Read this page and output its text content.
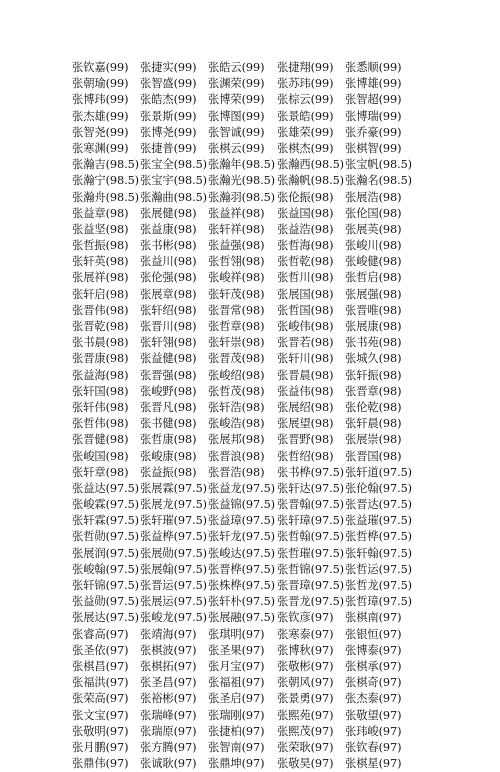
张钦嘉(99) 张捷实(99) 张皓云(99) 张捷翔(99) 张悉顺(99)
张朝瑜(99) 张智盛(99) 张渊荣(99) 张苏玮(99) 张博雄(99)
张博玮(99) 张皓杰(99) 张博荣(99) 张棕云(99) 张智超(99)
张杰雄(99) 张景斯(99) 张博图(99) 张景皓(99) 张博瑞(99)
张智尧(99) 张博尧(99) 张智诚(99) 张雄荣(99) 张乔豪(99)
张寒渊(99) 张捷普(99) 张棋云(99) 张棋杰(99) 张棋智(99)
张瀚吉(98.5) 张宝全(98.5) 张瀚年(98.5) 张瀚西(98.5) 张宝帆(98.5)
张瀚宁(98.5) 张宝宇(98.5) 张瀚光(98.5) 张瀚帆(98.5) 张瀚名(98.5)
张瀚舟(98.5) 张瀚曲(98.5) 张瀚羽(98.5) 张伦振(98) 张展浩(98)
张益章(98) 张展健(98) 张益祥(98) 张益国(98) 张伦国(98)
张益坚(98) 张益康(98) 张轩祥(98) 张益浩(98) 张展英(98)
张哲振(98) 张书彬(98) 张益强(98) 张哲海(98) 张峻川(98)
张轩英(98) 张益川(98) 张哲翎(98) 张哲乾(98) 张峻健(98)
张展祥(98) 张伦强(98) 张峻祥(98) 张哲川(98) 张哲启(98)
张轩启(98) 张展章(98) 张轩茂(98) 张展国(98) 张展强(98)
张晋伟(98) 张轩绍(98) 张晋常(98) 张哲国(98) 张晋唯(98)
张晋乾(98) 张晋川(98) 张哲章(98) 张峻伟(98) 张展康(98)
张书晨(98) 张轩翎(98) 张轩崇(98) 张晋若(98) 张书苑(98)
张晋康(98) 张益健(98) 张晋茂(98) 张轩川(98) 张城久(98)
张益海(98) 张晋强(98) 张峻绍(98) 张晋晨(98) 张轩振(98)
张轩国(98) 张峻野(98) 张哲茂(98) 张益伟(98) 张晋章(98)
张轩伟(98) 张晋凡(98) 张轩浩(98) 张展绍(98) 张伦乾(98)
张哲伟(98) 张书健(98) 张峻浩(98) 张展望(98) 张轩晨(98)
张晋健(98) 张哲康(98) 张展邦(98) 张晋野(98) 张展崇(98)
张峻国(98) 张峻康(98) 张晋浪(98) 张哲绍(98) 张晋国(98)
张轩章(98) 张益振(98) 张晋浩(98) 张书桦(97.5) 张轩道(97.5)
张益达(97.5) 张展霖(97.5) 张益龙(97.5) 张轩达(97.5) 张伦翰(97.5)
张峻霖(97.5) 张展龙(97.5) 张益锦(97.5) 张晋翰(97.5) 张晋达(97.5)
张轩霖(97.5) 张轩璀(97.5) 张益璋(97.5) 张轩璋(97.5) 张益璀(97.5)
张哲勋(97.5) 张益桦(97.5) 张轩龙(97.5) 张哲翰(97.5) 张哲桦(97.5)
张展润(97.5) 张展勋(97.5) 张峻达(97.5) 张哲璀(97.5) 张轩翰(97.5)
张峻翰(97.5) 张展翰(97.5) 张晋桦(97.5) 张哲锦(97.5) 张哲运(97.5)
张轩锦(97.5) 张晋运(97.5) 张株桦(97.5) 张晋璋(97.5) 张哲龙(97.5)
张益勋(97.5) 张展运(97.5) 张轩朴(97.5) 张晋龙(97.5) 张哲璋(97.5)
张展达(97.5) 张峻龙(97.5) 张展融(97.5) 张钦彦(97) 张棋南(97)
张睿高(97) 张靖海(97) 张琪明(97) 张寒泰(97) 张银恒(97)
张圣依(97) 张棋波(97) 张圣果(97) 张博秋(97) 张博泰(97)
张棋昌(97) 张棋拓(97) 张月宝(97) 张敬彬(97) 张棋承(97)
张福洪(97) 张圣昌(97) 张福祖(97) 张朝风(97) 张棋奇(97)
张荣高(97) 张裕彬(97) 张圣启(97) 张景勇(97) 张杰泰(97)
张文宝(97) 张瑞峰(97) 张瑞刚(97) 张熙苑(97) 张敬望(97)
张敬明(97) 张瑞原(97) 张捷柏(97) 张熙茂(97) 张玮峻(97)
张月鹏(97) 张方腾(97) 张智南(97) 张荣耿(97) 张钦春(97)
张鼎伟(97) 张诚耿(97) 张鼎坤(97) 张敬昊(97) 张棋星(97)
